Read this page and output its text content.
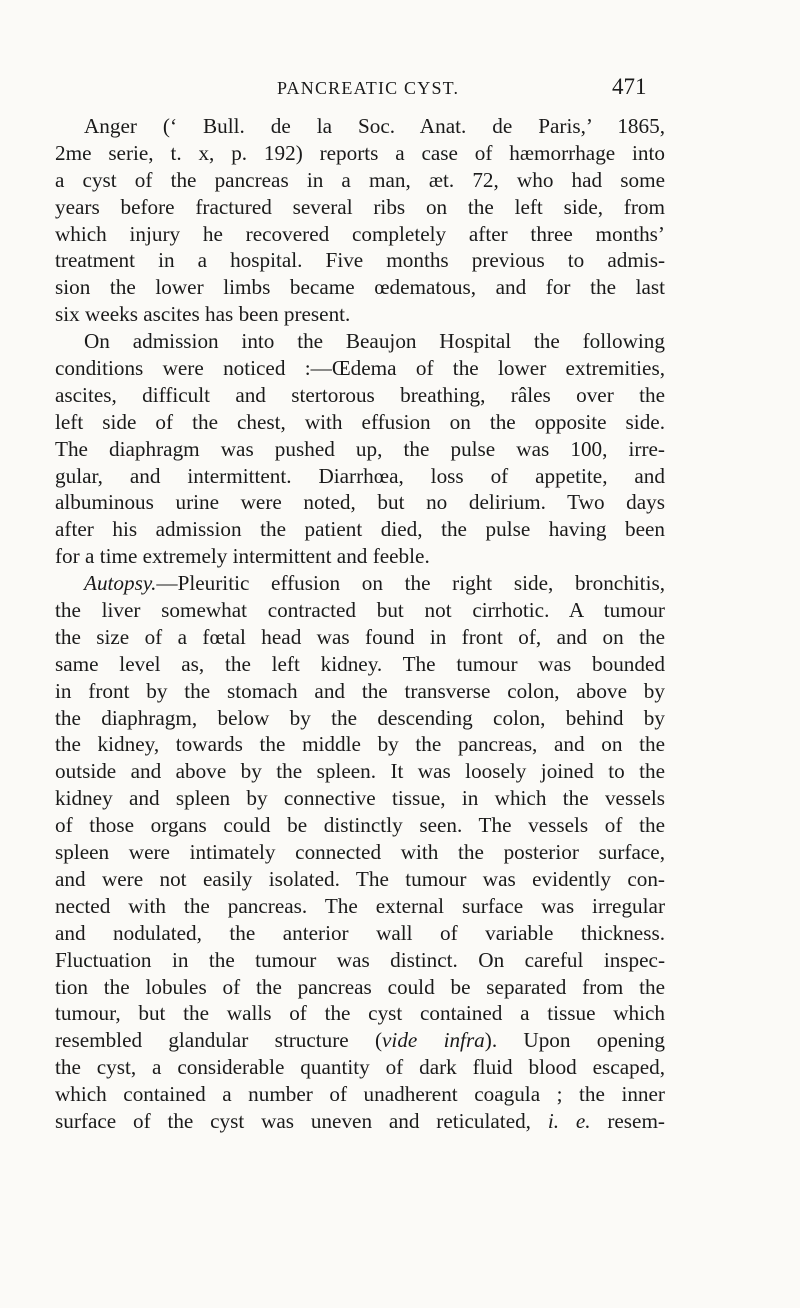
PANCREATIC CYST.	471
Anger (‘ Bull. de la Soc. Anat. de Paris,’ 1865,
2me serie, t. x, p. 192) reports a case of hæmorrhage into
a cyst of the pancreas in a man, æt. 72, who had some
years before fractured several ribs on the left side, from
which injury he recovered completely after three months’
treatment in a hospital. Five months previous to admis-
sion the lower limbs became œdematous, and for the last
six weeks ascites has been present.
On admission into the Beaujon Hospital the following
conditions were noticed :—Œdema of the lower extremities,
ascites, difficult and stertorous breathing, râles over the
left side of the chest, with effusion on the opposite side.
The diaphragm was pushed up, the pulse was 100, irre-
gular, and intermittent. Diarrhœa, loss of appetite, and
albuminous urine were noted, but no delirium. Two days
after his admission the patient died, the pulse having been
for a time extremely intermittent and feeble.
Autopsy.—Pleuritic effusion on the right side, bronchitis,
the liver somewhat contracted but not cirrhotic. A tumour
the size of a fœtal head was found in front of, and on the
same level as, the left kidney. The tumour was bounded
in front by the stomach and the transverse colon, above by
the diaphragm, below by the descending colon, behind by
the kidney, towards the middle by the pancreas, and on the
outside and above by the spleen. It was loosely joined to the
kidney and spleen by connective tissue, in which the vessels
of those organs could be distinctly seen. The vessels of the
spleen were intimately connected with the posterior surface,
and were not easily isolated. The tumour was evidently con-
nected with the pancreas. The external surface was irregular
and nodulated, the anterior wall of variable thickness.
Fluctuation in the tumour was distinct. On careful inspec-
tion the lobules of the pancreas could be separated from the
tumour, but the walls of the cyst contained a tissue which
resembled glandular structure (vide infra). Upon opening
the cyst, a considerable quantity of dark fluid blood escaped,
which contained a number of unadherent coagula ; the inner
surface of the cyst was uneven and reticulated, i. e. resem-
